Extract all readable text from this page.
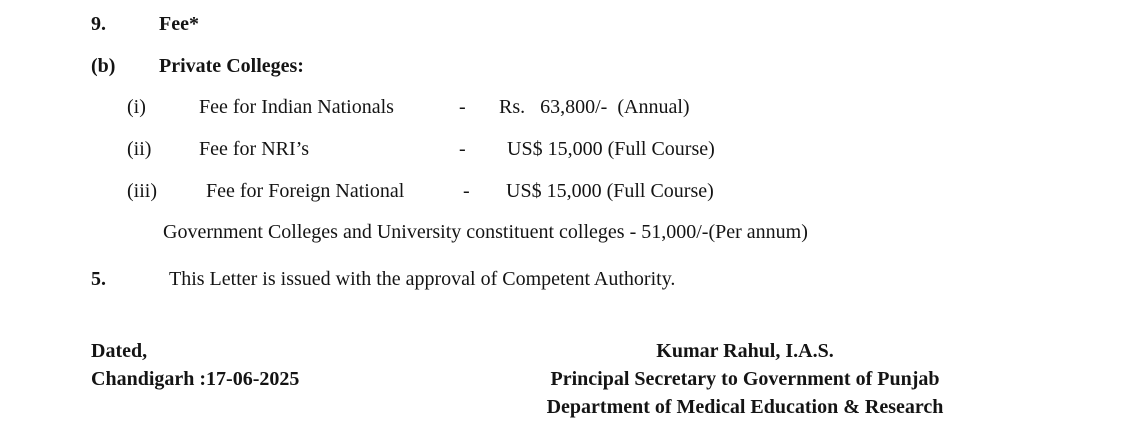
9.	Fee*
(b) Private Colleges:
(i)	Fee for Indian Nationals	- Rs.   63,800/-  (Annual)
(ii) Fee for NRI’s	- US$ 15,000 (Full Course)
(iii) Fee for Foreign National	- US$ 15,000 (Full Course)
Government Colleges and University constituent colleges - 51,000/-(Per annum)
5.	This Letter is issued with the approval of Competent Authority.
Dated,
Chandigarh :17-06-2025
Kumar Rahul, I.A.S.
Principal Secretary to Government of Punjab
Department of Medical Education & Research
